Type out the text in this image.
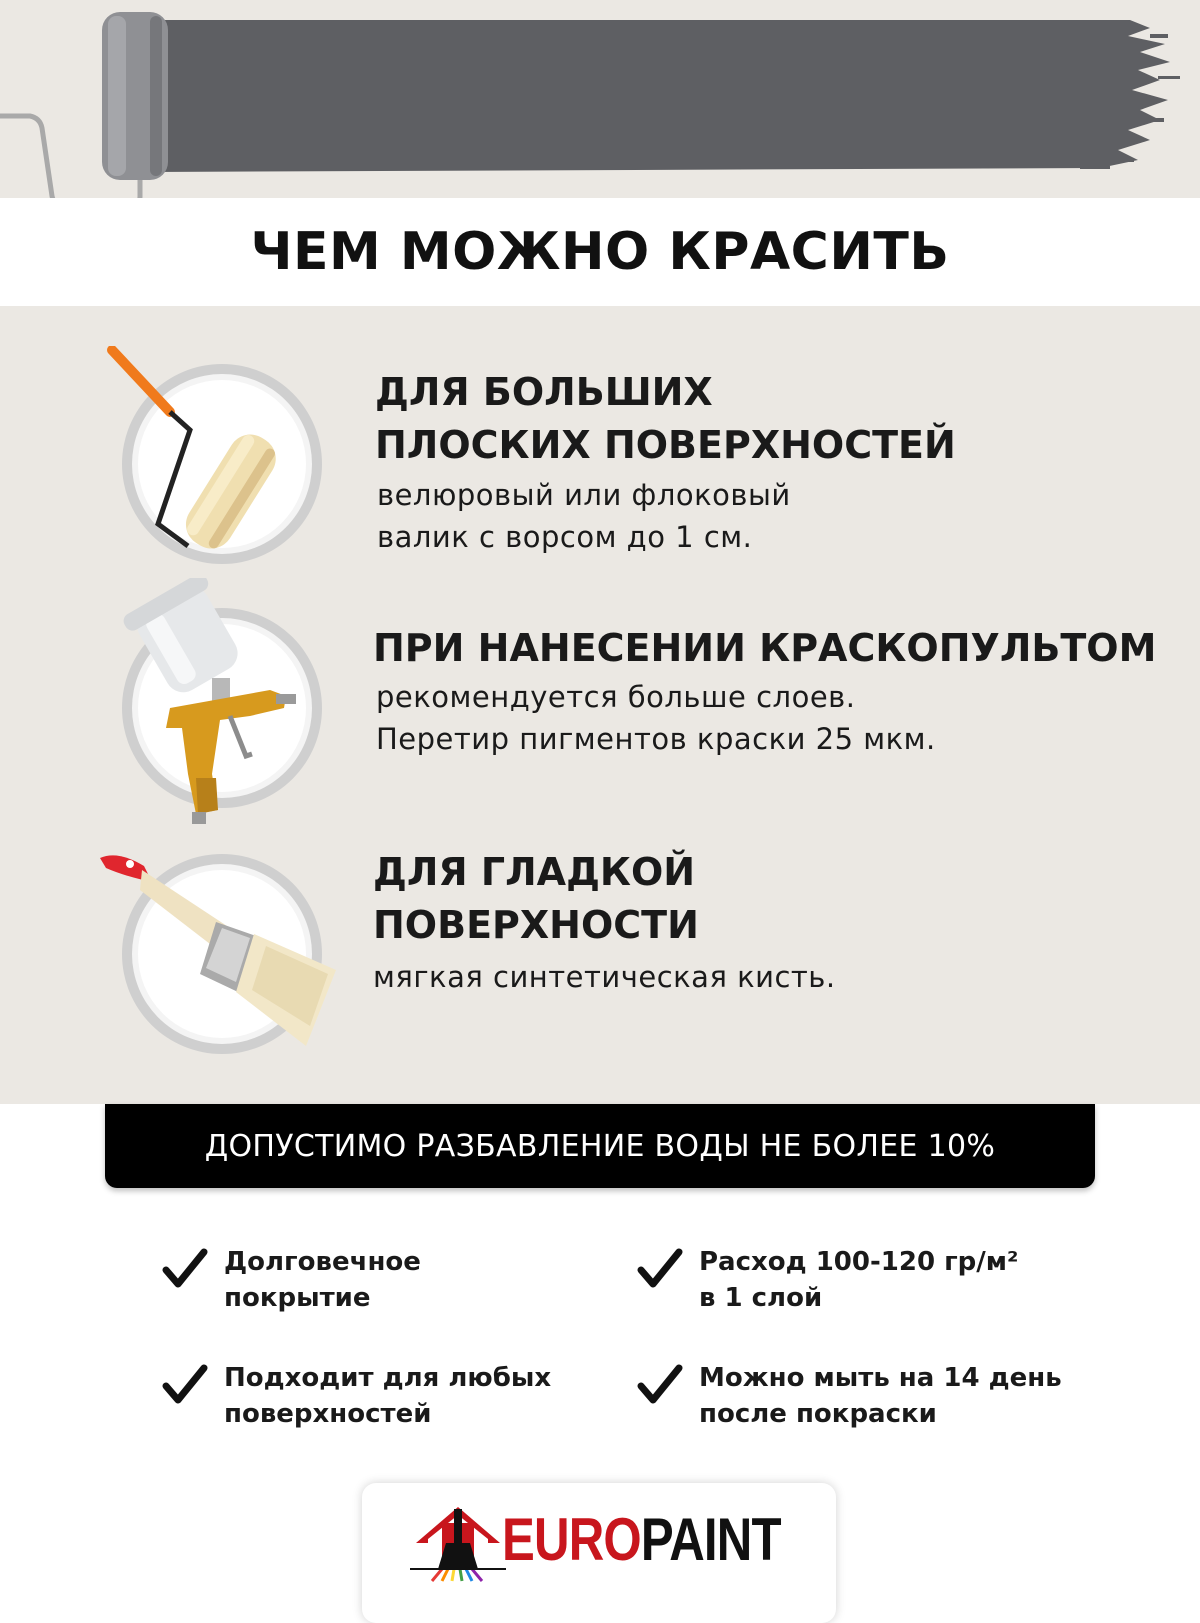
ЧЕМ МОЖНО КРАСИТЬ
ДЛЯ БОЛЬШИХ
ПЛОСКИХ ПОВЕРХНОСТЕЙ
велюровый или флоковый
валик с ворсом до 1 см.
ПРИ НАНЕСЕНИИ КРАСКОПУЛЬТОМ
рекомендуется больше слоев.
Перетир пигментов краски 25 мкм.
ДЛЯ ГЛАДКОЙ
ПОВЕРХНОСТИ
мягкая синтетическая кисть.
ДОПУСТИМО РАЗБАВЛЕНИЕ ВОДЫ НЕ БОЛЕЕ 10%
Долговечное
покрытие
Расход 100-120 гр/м²
в 1 слой
Подходит для любых
поверхностей
Можно мыть на 14 день
после покраски
EUROPAINT
